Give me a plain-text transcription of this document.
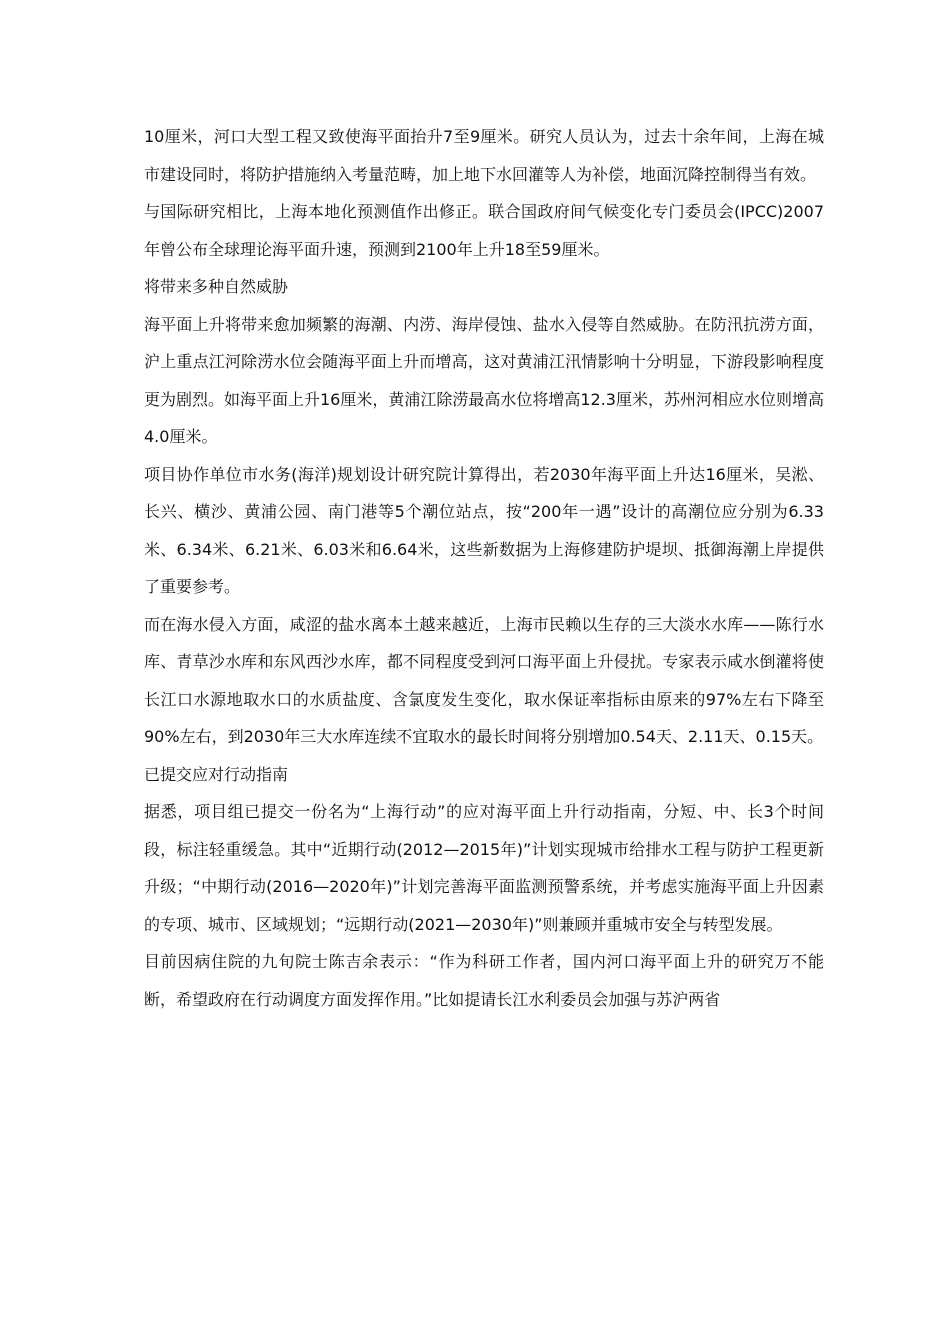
10厘米，河口大型工程又致使海平面抬升7至9厘米。研究人员认为，过去十余年间，上海在城市建设同时，将防护措施纳入考量范畴，加上地下水回灌等人为补偿，地面沉降控制得当有效。

与国际研究相比，上海本地化预测值作出修正。联合国政府间气候变化专门委员会(IPCC)2007年曾公布全球理论海平面升速，预测到2100年上升18至59厘米。

将带来多种自然威胁

海平面上升将带来愈加频繁的海潮、内涝、海岸侵蚀、盐水入侵等自然威胁。在防汛抗涝方面，沪上重点江河除涝水位会随海平面上升而增高，这对黄浦江汛情影响十分明显，下游段影响程度更为剧烈。如海平面上升16厘米，黄浦江除涝最高水位将增高12.3厘米，苏州河相应水位则增高4.0厘米。

项目协作单位市水务(海洋)规划设计研究院计算得出，若2030年海平面上升达16厘米，吴淞、长兴、横沙、黄浦公园、南门港等5个潮位站点，按“200年一遇”设计的高潮位应分别为6.33米、6.34米、6.21米、6.03米和6.64米，这些新数据为上海修建防护堤坝、抵御海潮上岸提供了重要参考。

而在海水侵入方面，咸涩的盐水离本土越来越近，上海市民赖以生存的三大淡水水库——陈行水库、青草沙水库和东风西沙水库，都不同程度受到河口海平面上升侵扰。专家表示咸水倒灌将使长江口水源地取水口的水质盐度、含氯度发生变化，取水保证率指标由原来的97%左右下降至90%左右，到2030年三大水库连续不宜取水的最长时间将分别增加0.54天、2.11天、0.15天。

已提交应对行动指南

据悉，项目组已提交一份名为“上海行动”的应对海平面上升行动指南，分短、中、长3个时间段，标注轻重缓急。其中“近期行动(2012—2015年)”计划实现城市给排水工程与防护工程更新升级；“中期行动(2016—2020年)”计划完善海平面监测预警系统，并考虑实施海平面上升因素的专项、城市、区域规划；“远期行动(2021—2030年)”则兼顾并重城市安全与转型发展。

目前因病住院的九旬院士陈吉余表示：“作为科研工作者，国内河口海平面上升的研究万不能断，希望政府在行动调度方面发挥作用。”比如提请长江水利委员会加强与苏沪两省
